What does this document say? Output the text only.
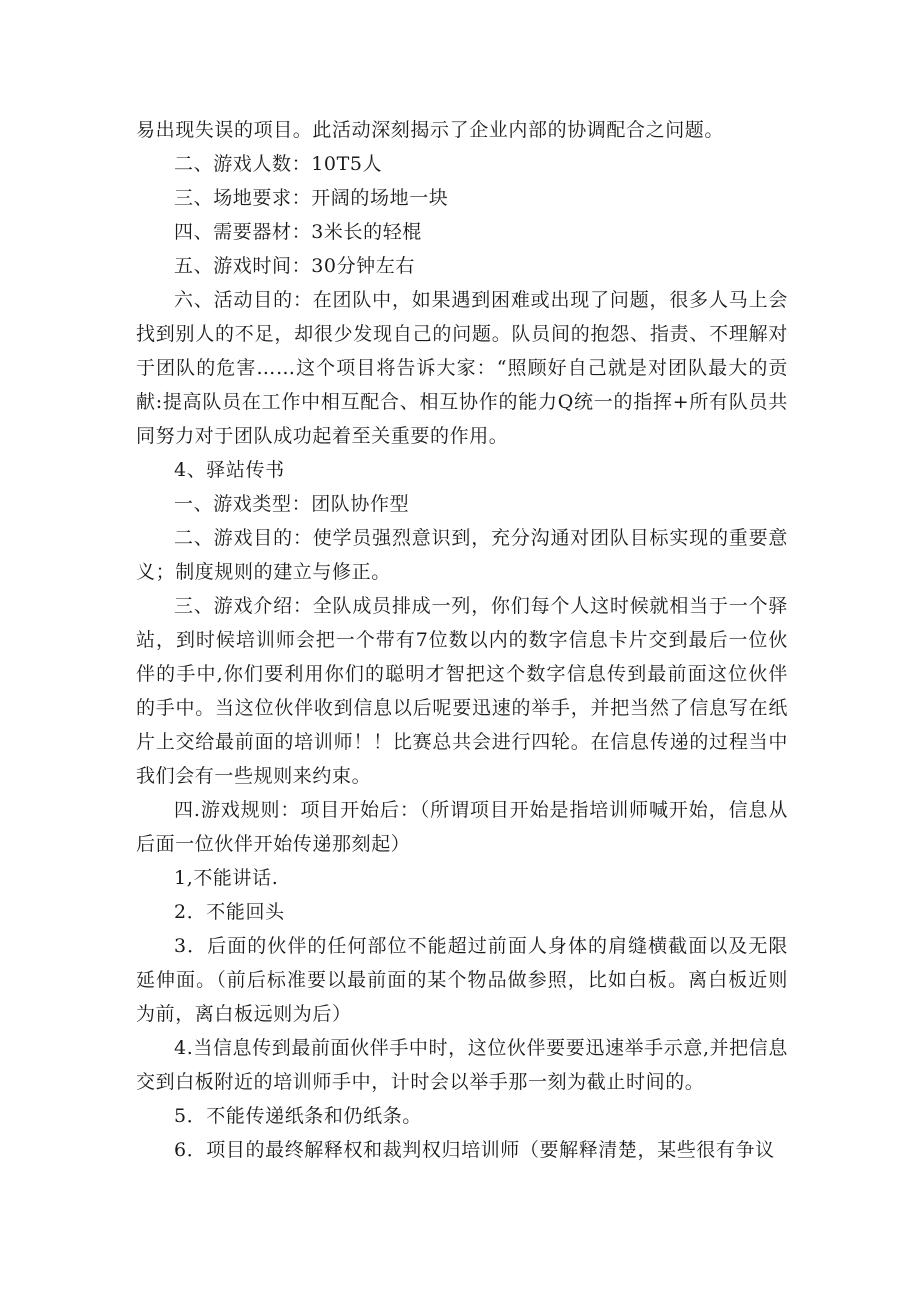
易出现失误的项目。此活动深刻揭示了企业内部的协调配合之问题。

二、游戏人数：10T5人

三、场地要求：开阔的场地一块

四、需要器材：3米长的轻棍

五、游戏时间：30分钟左右

六、活动目的：在团队中，如果遇到困难或出现了问题，很多人马上会找到别人的不足，却很少发现自己的问题。队员间的抱怨、指责、不理解对于团队的危害……这个项目将告诉大家：“照顾好自己就是对团队最大的贡献:提高队员在工作中相互配合、相互协作的能力Q统一的指挥+所有队员共同努力对于团队成功起着至关重要的作用。

4、驿站传书

一、游戏类型：团队协作型

二、游戏目的：使学员强烈意识到，充分沟通对团队目标实现的重要意义；制度规则的建立与修正。

三、游戏介绍：全队成员排成一列，你们每个人这时候就相当于一个驿站，到时候培训师会把一个带有7位数以内的数字信息卡片交到最后一位伙伴的手中,你们要利用你们的聪明才智把这个数字信息传到最前面这位伙伴的手中。当这位伙伴收到信息以后呢要迅速的举手，并把当然了信息写在纸片上交给最前面的培训师！！比赛总共会进行四轮。在信息传递的过程当中我们会有一些规则来约束。

四.游戏规则：项目开始后：（所谓项目开始是指培训师喊开始，信息从后面一位伙伴开始传递那刻起）

1,不能讲话.

2．不能回头

3．后面的伙伴的任何部位不能超过前面人身体的肩缝横截面以及无限延伸面。（前后标准要以最前面的某个物品做参照，比如白板。离白板近则为前，离白板远则为后）

4.当信息传到最前面伙伴手中时，这位伙伴要要迅速举手示意,并把信息交到白板附近的培训师手中，计时会以举手那一刻为截止时间的。

5．不能传递纸条和仍纸条。

6．项目的最终解释权和裁判权归培训师（要解释清楚，某些很有争议
